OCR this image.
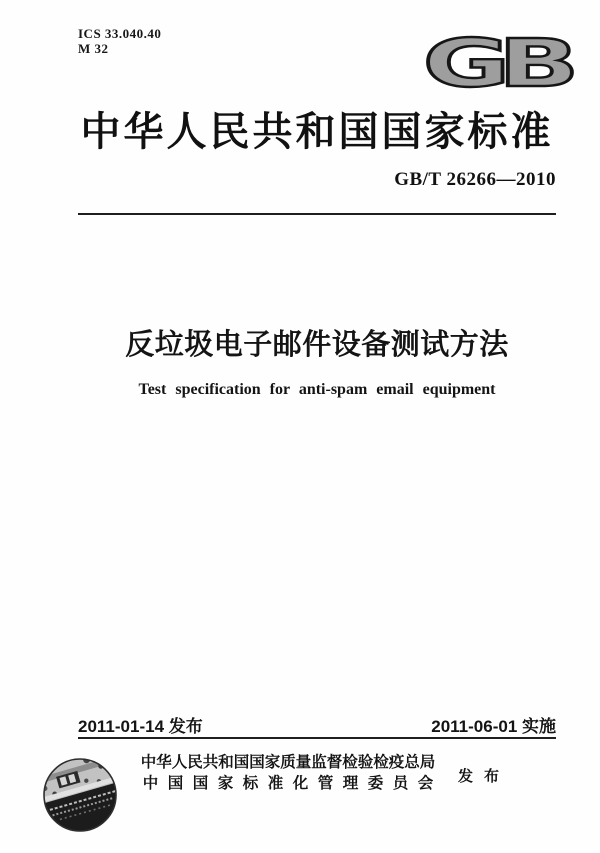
ICS 33.040.40
M 32	GB
中华人民共和国国家标准
GB/T 26266—2010
反垃圾电子邮件设备测试方法
Test specification for anti-spam email equipment
2011-01-14 发布	2011-06-01 实施
中华人民共和国国家质量监督检验检疫总局
中国国家标准化管理委员会 发布
